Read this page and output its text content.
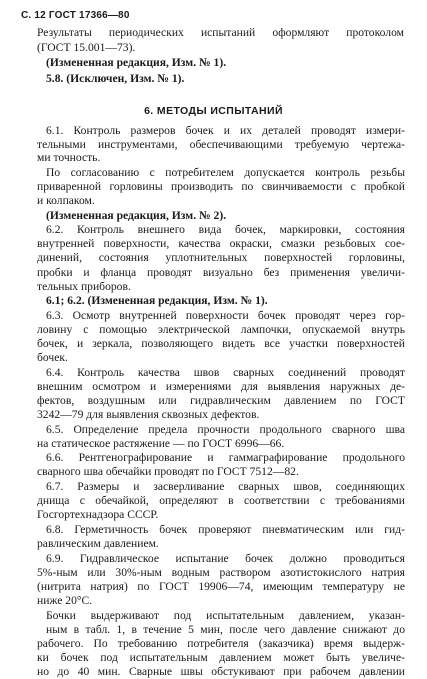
С. 12 ГОСТ 17366—80
Результаты периодических испытаний оформляют протоколом
(ГОСТ 15.001—73).
(Измененная редакция, Изм. № 1).
5.8. (Исключен, Изм. № 1).
6. МЕТОДЫ ИСПЫТАНИЙ
6.1. Контроль размеров бочек и их деталей проводят измери-
тельными инструментами, обеспечивающими требуемую чертежа-
ми точность.
По согласованию с потребителем допускается контроль резьбы
приваренной горловины производить по свинчиваемости с пробкой
и колпаком.
(Измененная редакция, Изм. № 2).
6.2. Контроль внешнего вида бочек, маркировки, состояния
внутренней поверхности, качества окраски, смазки резьбовых сое-
динений, состояния уплотнительных поверхностей горловины,
пробки и фланца проводят визуально без применения увеличи-
тельных приборов.
6.1; 6.2. (Измененная редакция, Изм. № 1).
6.3. Осмотр внутренней поверхности бочек проводят через гор-
ловину с помощью электрической лампочки, опускаемой внутрь
бочек, и зеркала, позволяющего видеть все участки поверхностей
бочек.
6.4. Контроль качества швов сварных соединений проводят
внешним осмотром и измерениями для выявления наружных де-
фектов, воздушным или гидравлическим давлением по ГОСТ
3242—79 для выявления сквозных дефектов.
6.5. Определение предела прочности продольного сварного шва
на статическое растяжение — по ГОСТ 6996—66.
6.6. Рентгенографирование и гаммаграфирование продольного
сварного шва обечайки проводят по ГОСТ 7512—82.
6.7. Размеры и засверливание сварных швов, соединяющих
днища с обечайкой, определяют в соответствии с требованиями
Госгортехнадзора СССР.
6.8. Герметичность бочек проверяют пневматическим или гид-
равлическим давлением.
6.9. Гидравлическое испытание бочек должно проводиться
5%-ным или 30%-ным водным раствором азотистокислого натрия
(нитрита натрия) по ГОСТ 19906—74, имеющим температуру не
ниже 20°С.
Бочки выдерживают под испытательным давлением, указан-
ным в табл. 1, в течение 5 мин, после чего давление снижают до
рабочего. По требованию потребителя (заказчика) время выдерж-
ки бочек под испытательным давлением может быть увеличе-
но до 40 мин. Сварные швы обстукивают при рабочем давлении
